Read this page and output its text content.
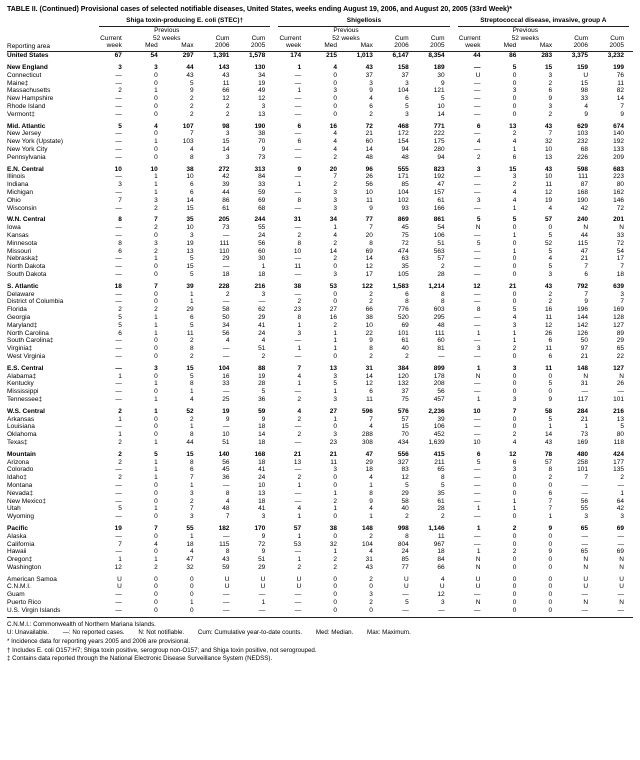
TABLE II. (Continued) Provisional cases of selected notifiable diseases, United States, weeks ending August 19, 2006, and August 20, 2005 (33rd Week)*
Reporting area	Shiga toxin-producing E. coli (STEC)†					Shigellosis					Streptococcal disease, invasive, group A				

		Previous					Previous					Previous			
	Current	52 weeks		Cum	Cum	Current	52 weeks		Cum	Cum	Current	52 weeks		Cum	Cum
	week	Med	Max	2006	2005	week	Med	Max	2006	2005	week	Med	Max	2006	2005
United States	67	54	297	1,391	1,578	174	215	1,013	6,147	8,354	44	86	283	3,375	3,232
New England	3	3	44	143	130	1	4	43	158	189	—	5	15	159	199
Connecticut	—	0	43	43	34	—	0	37	37	30	U	0	3	U	76
Maine‡	—	0	5	11	19	—	0	3	3	9	—	0	2	15	11
Massachusetts	2	1	9	66	49	1	3	9	104	121	—	3	6	98	82
New Hampshire	—	0	2	12	12	—	0	4	6	5	—	0	9	33	14
Rhode Island	—	0	2	2	3	—	0	6	5	10	—	0	3	4	7
Vermont‡	—	0	2	2	13	—	0	2	3	14	—	0	2	9	9
Mid. Atlantic	5	4	107	98	190	6	16	72	468	771	6	13	43	629	674
New Jersey	—	0	7	3	38	—	4	21	172	222	—	2	7	103	140
New York (Upstate)	—	1	103	15	70	6	4	60	154	175	4	4	32	232	192
New York City	—	0	4	14	9	—	4	14	94	280	—	1	10	68	133
Pennsylvania	—	0	8	3	73	—	2	48	48	94	2	6	13	226	209
E.N. Central	10	10	38	272	313	9	20	96	555	823	3	15	43	598	683
Illinois	—	1	10	42	84	—	7	26	171	192	—	3	10	111	223
Indiana	3	1	6	39	33	1	2	56	85	47	—	2	11	87	80
Michigan	—	1	6	44	59	—	3	10	104	157	—	4	12	168	162
Ohio	7	3	14	86	69	8	3	11	102	61	3	4	19	190	146
Wisconsin	—	2	15	61	68	—	3	9	93	166	—	1	4	42	72
W.N. Central	8	7	35	205	244	31	34	77	869	861	5	5	57	240	201
Iowa	—	2	10	73	55	—	1	7	45	54	N	0	0	N	N
Kansas	—	0	3	—	24	2	4	20	75	106	—	1	5	44	33
Minnesota	8	3	19	111	56	8	2	8	72	51	5	0	52	115	72
Missouri	6	2	13	110	60	10	14	69	474	563	—	1	5	47	54
Nebraska‡	—	1	5	29	30	—	2	14	63	57	—	0	4	21	17
North Dakota	—	0	15	—	1	11	0	12	35	2	—	0	5	7	7
South Dakota	—	0	5	18	18	—	3	17	105	28	—	0	3	6	18
S. Atlantic	18	7	39	228	216	38	53	122	1,583	1,214	12	21	43	792	639
Delaware	—	0	1	2	3	—	0	2	6	8	—	0	2	7	3
District of Columbia	—	0	1	—	—	2	0	2	8	8	—	0	2	9	7
Florida	2	2	29	58	62	23	27	66	776	603	8	5	16	196	169
Georgia	5	1	6	50	29	8	16	38	520	295	—	4	11	144	128
Maryland‡	5	1	5	34	41	1	2	10	69	48	—	3	12	142	127
North Carolina	6	1	11	56	24	3	1	22	101	111	1	1	26	126	89
South Carolina‡	—	0	2	4	4	—	1	9	61	60	—	1	6	50	29
Virginia‡	—	0	8	—	51	1	1	8	40	81	3	2	11	97	65
West Virginia	—	0	2	—	2	—	0	2	2	—	—	0	6	21	22
E.S. Central	—	3	15	104	88	7	13	31	384	899	1	3	11	148	127
Alabama‡	1	0	5	16	19	4	3	14	120	178	N	0	0	N	N
Kentucky	—	1	8	33	28	1	5	12	132	208	—	0	5	31	26
Mississippi	—	0	1	—	5	—	1	6	37	56	—	0	0	—	—
Tennessee‡	—	1	4	25	36	2	3	11	75	457	1	3	9	117	101
W.S. Central	2	1	52	19	59	4	27	596	576	2,236	10	7	58	284	216
Arkansas	1	0	2	9	9	2	1	7	57	39	—	0	5	21	13
Louisiana	—	0	1	—	18	—	0	4	15	106	—	0	1	1	5
Oklahoma	1	0	8	10	14	2	3	288	70	452	—	2	14	73	80
Texas‡	2	1	44	51	18	—	23	308	434	1,639	10	4	43	169	118
Mountain	2	5	15	140	168	21	21	47	556	415	6	12	78	480	424
Arizona	2	1	8	56	18	13	11	29	327	211	5	6	57	258	177
Colorado	—	1	6	45	41	—	3	18	83	65	—	3	8	101	135
Idaho‡	2	1	7	36	24	2	0	4	12	8	—	0	2	7	2
Montana	—	0	1	—	10	1	0	1	5	5	—	0	0	—	—
Nevada‡	—	0	3	8	13	—	1	8	29	35	—	0	6	—	1
New Mexico‡	—	0	2	4	18	—	2	9	58	61	—	1	7	56	64
Utah	5	1	7	48	41	4	1	4	40	28	1	1	7	55	42
Wyoming	—	0	3	7	3	1	0	1	2	2	—	0	1	3	3
Pacific	19	7	55	182	170	57	38	148	998	1,146	1	2	9	65	69
Alaska	—	0	1	—	9	1	0	2	8	11	—	0	0	—	—
California	7	4	18	115	72	53	32	104	804	967	—	0	0	—	—
Hawaii	—	0	4	8	9	—	1	4	24	18	1	2	9	65	69
Oregon‡	1	1	47	43	51	1	2	31	85	84	N	0	0	N	N
Washington	12	2	32	59	29	2	2	43	77	66	N	0	0	N	N
American Samoa	U	0	0	U	U	U	0	2	U	4	U	0	0	U	U
C.N.M.I.	U	0	0	U	U	U	0	0	U	U	U	0	0	U	U
Guam	—	0	0	—	—	—	0	3	—	12	—	0	0	—	—
Puerto Rico	—	0	1	—	1	—	0	2	5	3	N	0	0	N	N
U.S. Virgin Islands	—	0	0	—	—	—	0	0	—	—	—	0	0	—	—
C.N.M.I.: Commonwealth of Northern Mariana Islands.
U: Unavailable.        —: No reported cases.        N: Not notifiable.        Cum: Cumulative year-to-date counts.        Med: Median.        Max: Maximum.
* Incidence data for reporting years 2005 and 2006 are provisional.
† Includes E. coli O157:H7; Shiga toxin positive, serogroup non-O157; and Shiga toxin positive, not serogrouped.
‡ Contains data reported through the National Electronic Disease Surveillance System (NEDSS).
